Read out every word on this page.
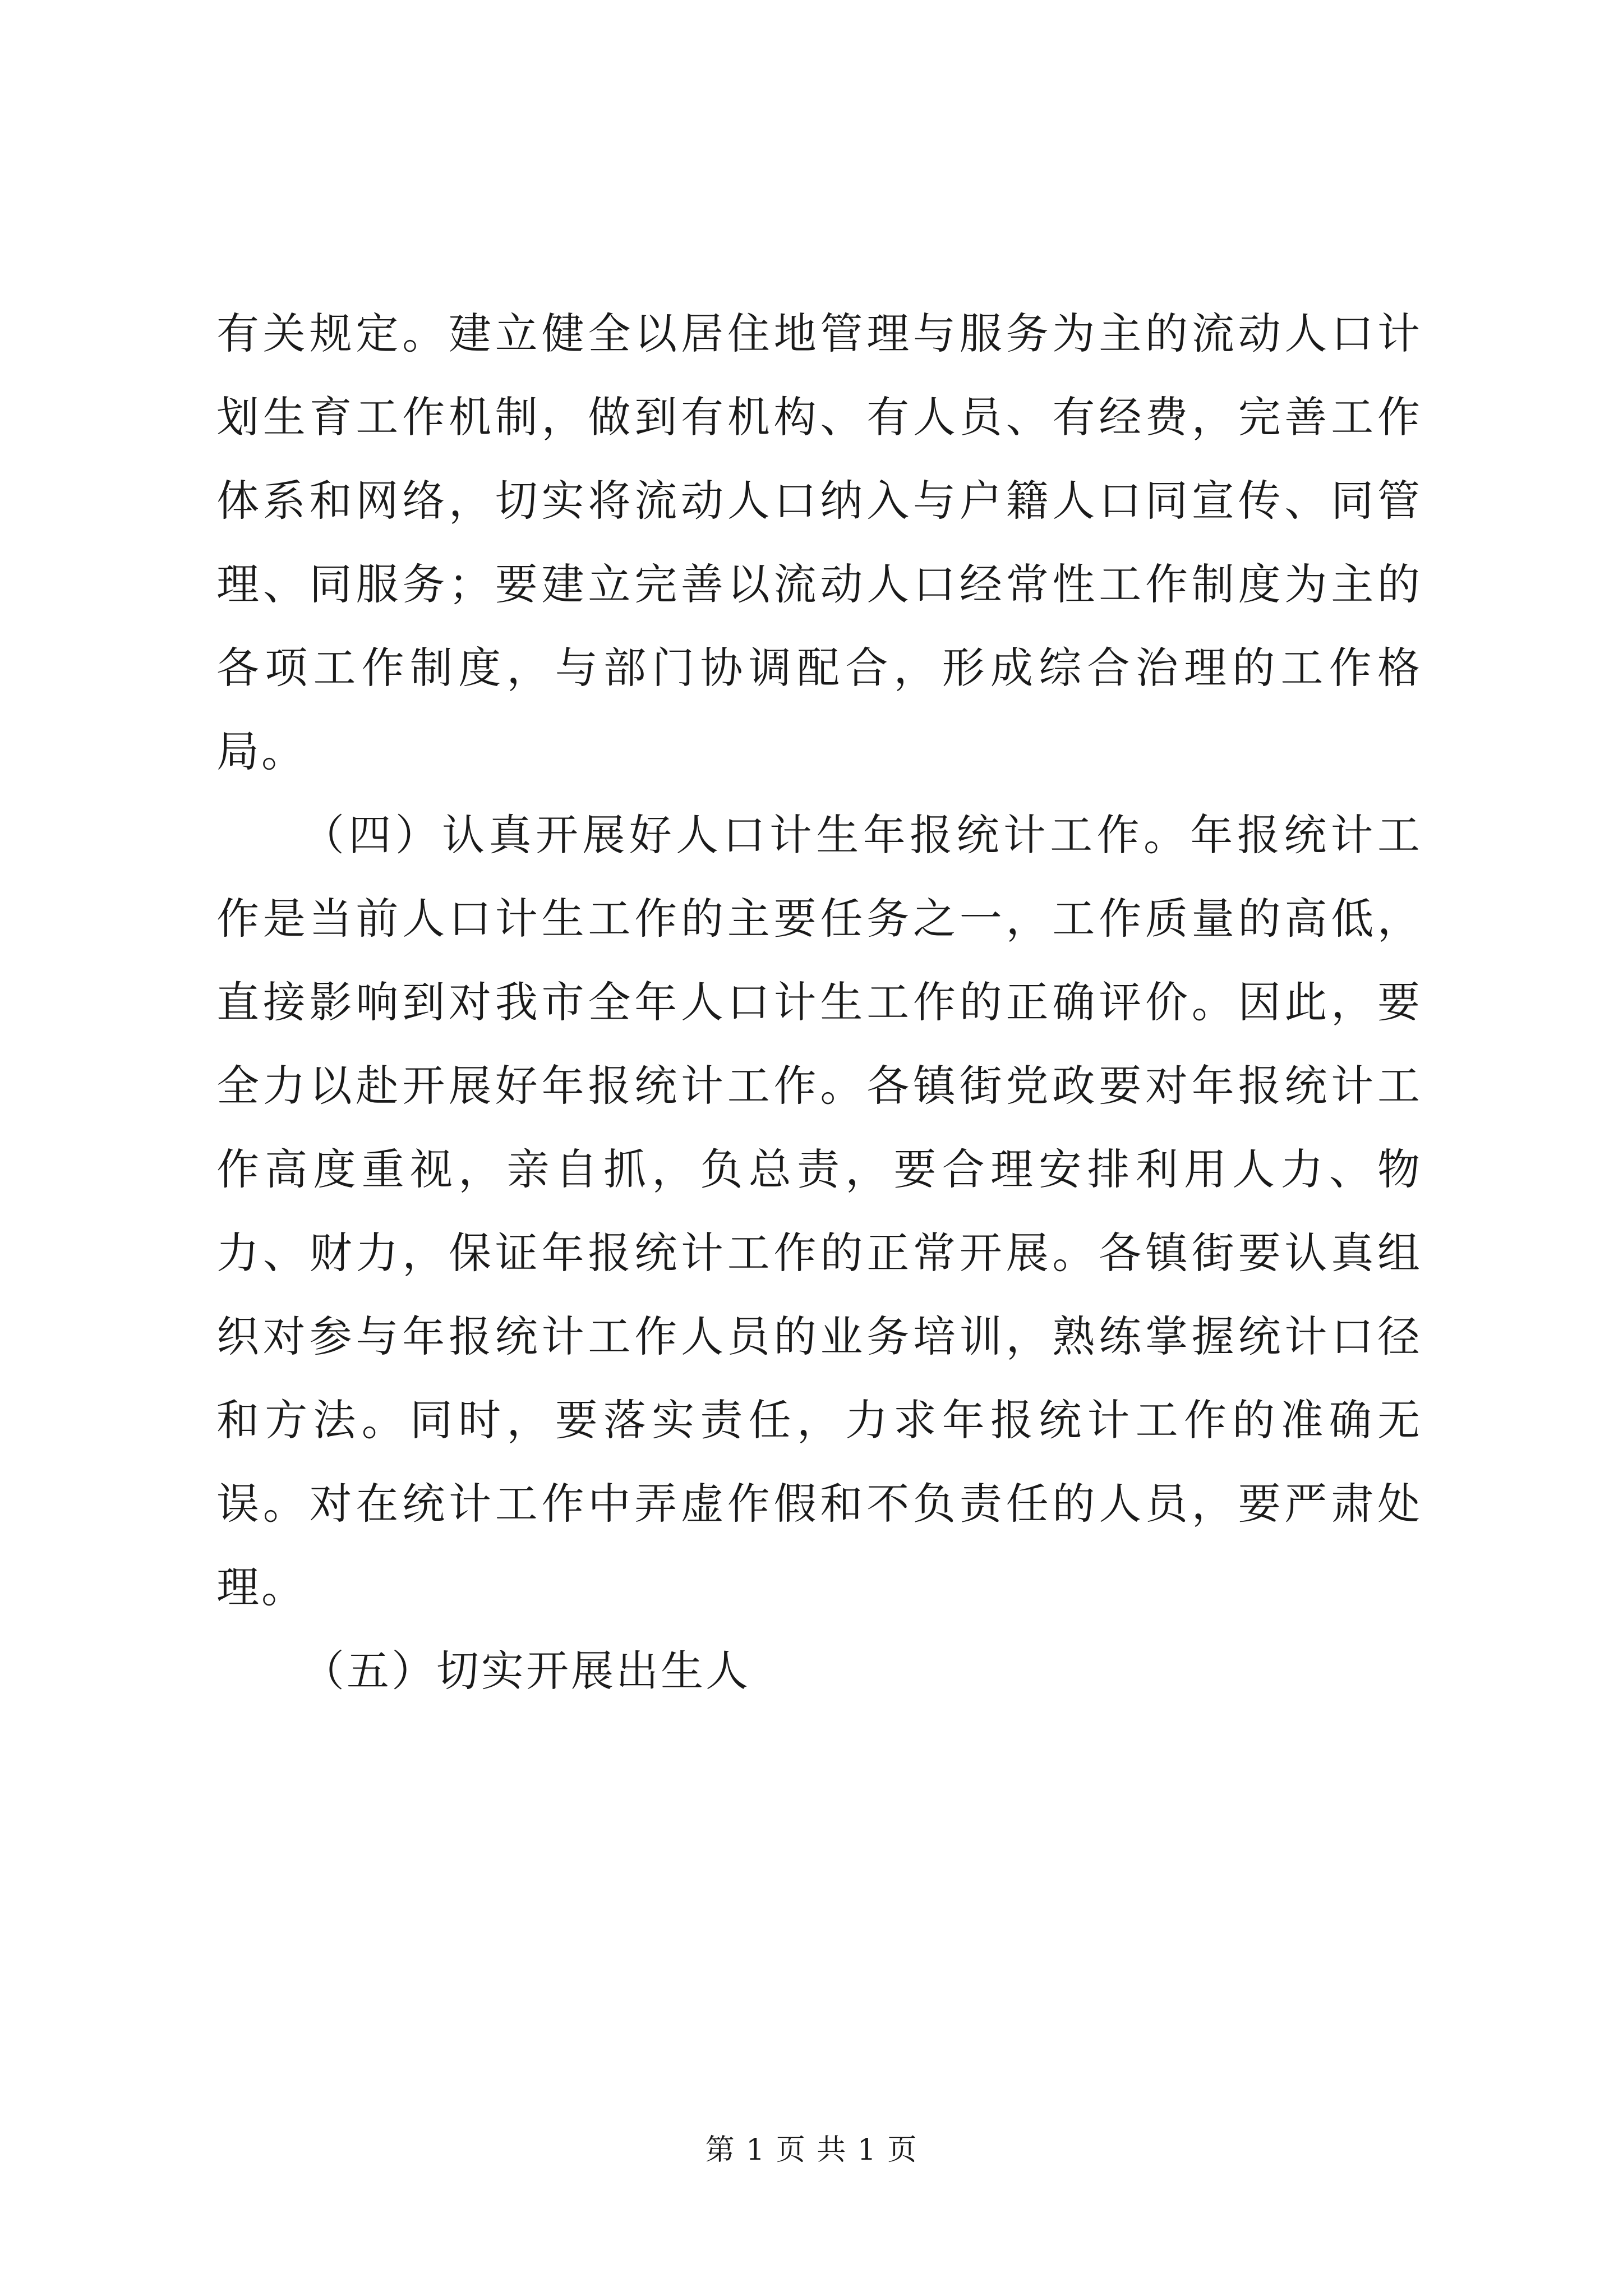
有关规定。建立健全以居住地管理与服务为主的流动人口计划生育工作机制，做到有机构、有人员、有经费，完善工作体系和网络，切实将流动人口纳入与户籍人口同宣传、同管理、同服务；要建立完善以流动人口经常性工作制度为主的各项工作制度，与部门协调配合，形成综合治理的工作格局。

（四）认真开展好人口计生年报统计工作。年报统计工作是当前人口计生工作的主要任务之一，工作质量的高低，直接影响到对我市全年人口计生工作的正确评价。因此，要全力以赴开展好年报统计工作。各镇街党政要对年报统计工作高度重视，亲自抓，负总责，要合理安排利用人力、物力、财力，保证年报统计工作的正常开展。各镇街要认真组织对参与年报统计工作人员的业务培训，熟练掌握统计口径和方法。同时，要落实责任，力求年报统计工作的准确无误。对在统计工作中弄虚作假和不负责任的人员，要严肃处理。

（五）切实开展出生人

第 1 页 共 1 页
